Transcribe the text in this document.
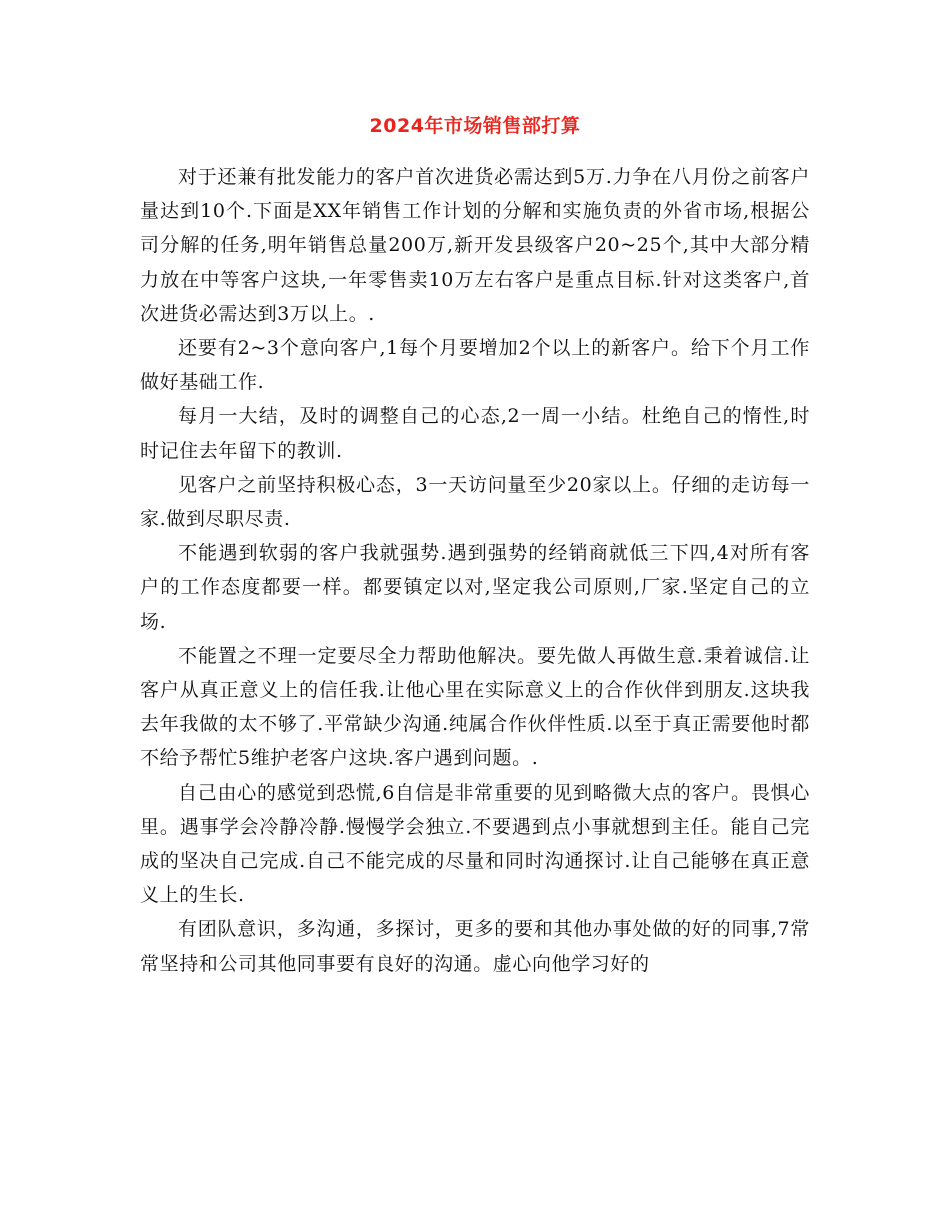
2024年市场销售部打算

对于还兼有批发能力的客户首次进货必需达到5万.力争在八月份之前客户量达到10个.下面是XX年销售工作计划的分解和实施负责的外省市场,根据公司分解的任务,明年销售总量200万,新开发县级客户20~25个,其中大部分精力放在中等客户这块,一年零售卖10万左右客户是重点目标.针对这类客户,首次进货必需达到3万以上。.

还要有2~3个意向客户,1每个月要增加2个以上的新客户。给下个月工作做好基础工作.

每月一大结，及时的调整自己的心态,2一周一小结。杜绝自己的惰性,时时记住去年留下的教训.

见客户之前坚持积极心态，3一天访问量至少20家以上。仔细的走访每一家.做到尽职尽责.

不能遇到软弱的客户我就强势.遇到强势的经销商就低三下四,4对所有客户的工作态度都要一样。都要镇定以对,坚定我公司原则,厂家.坚定自己的立场.

不能置之不理一定要尽全力帮助他解决。要先做人再做生意.秉着诚信.让客户从真正意义上的信任我.让他心里在实际意义上的合作伙伴到朋友.这块我去年我做的太不够了.平常缺少沟通.纯属合作伙伴性质.以至于真正需要他时都不给予帮忙5维护老客户这块.客户遇到问题。.

自己由心的感觉到恐慌,6自信是非常重要的见到略微大点的客户。畏惧心里。遇事学会冷静冷静.慢慢学会独立.不要遇到点小事就想到主任。能自己完成的坚决自己完成.自己不能完成的尽量和同时沟通探讨.让自己能够在真正意义上的生长.

有团队意识，多沟通，多探讨，更多的要和其他办事处做的好的同事,7常常坚持和公司其他同事要有良好的沟通。虚心向他学习好的
